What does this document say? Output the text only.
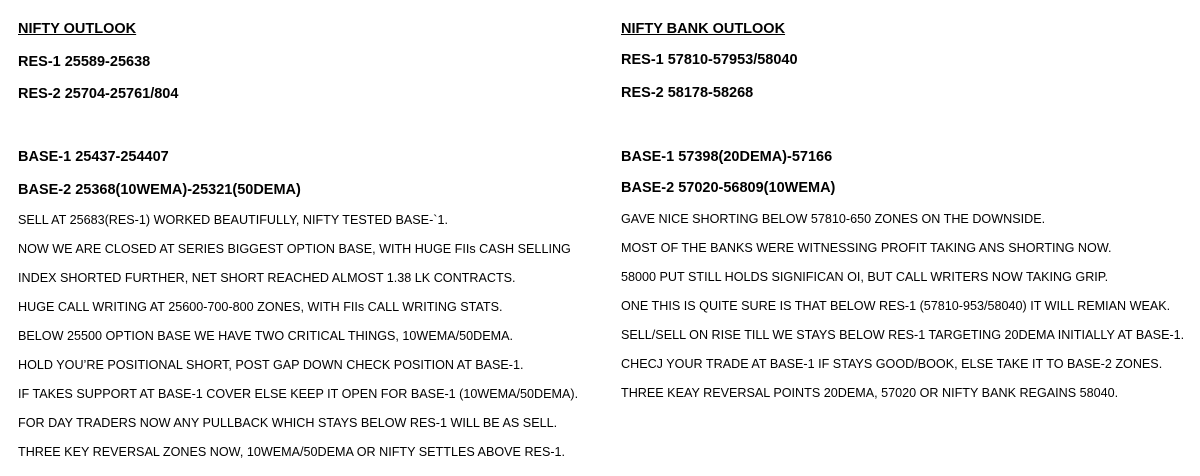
NIFTY OUTLOOK
RES-1 25589-25638
RES-2 25704-25761/804
BASE-1 25437-254407
BASE-2 25368(10WEMA)-25321(50DEMA)

SELL AT 25683(RES-1) WORKED BEAUTIFULLY, NIFTY TESTED BASE-`1.

NOW WE ARE CLOSED AT SERIES BIGGEST OPTION BASE, WITH HUGE FIIs CASH SELLING

INDEX SHORTED FURTHER, NET SHORT REACHED ALMOST 1.38 LK CONTRACTS.

HUGE CALL WRITING AT 25600-700-800 ZONES, WITH FIIs CALL WRITING STATS.

BELOW 25500 OPTION BASE WE HAVE TWO CRITICAL THINGS, 10WEMA/50DEMA.

HOLD YOU’RE POSITIONAL SHORT, POST GAP DOWN CHECK POSITION AT BASE-1.

IF TAKES SUPPORT AT BASE-1 COVER ELSE KEEP IT OPEN FOR BASE-1 (10WEMA/50DEMA).

FOR DAY TRADERS NOW ANY PULLBACK WHICH STAYS BELOW RES-1 WILL BE AS SELL.

THREE KEY REVERSAL ZONES NOW, 10WEMA/50DEMA OR NIFTY SETTLES ABOVE RES-1.

NIFTY BANK OUTLOOK
RES-1 57810-57953/58040
RES-2 58178-58268
BASE-1 57398(20DEMA)-57166
BASE-2 57020-56809(10WEMA)

GAVE NICE SHORTING BELOW 57810-650 ZONES ON THE DOWNSIDE.

MOST OF THE BANKS WERE WITNESSING PROFIT TAKING ANS SHORTING NOW.

58000 PUT STILL HOLDS SIGNIFICAN OI, BUT CALL WRITERS NOW TAKING GRIP.

ONE THIS IS QUITE SURE IS THAT BELOW RES-1 (57810-953/58040) IT WILL REMIAN WEAK.

SELL/SELL ON RISE TILL WE STAYS BELOW RES-1 TARGETING 20DEMA INITIALLY AT BASE-1.

CHECJ YOUR TRADE AT BASE-1 IF STAYS GOOD/BOOK, ELSE TAKE IT TO BASE-2 ZONES.

THREE KEAY REVERSAL POINTS 20DEMA, 57020 OR NIFTY BANK REGAINS 58040.
